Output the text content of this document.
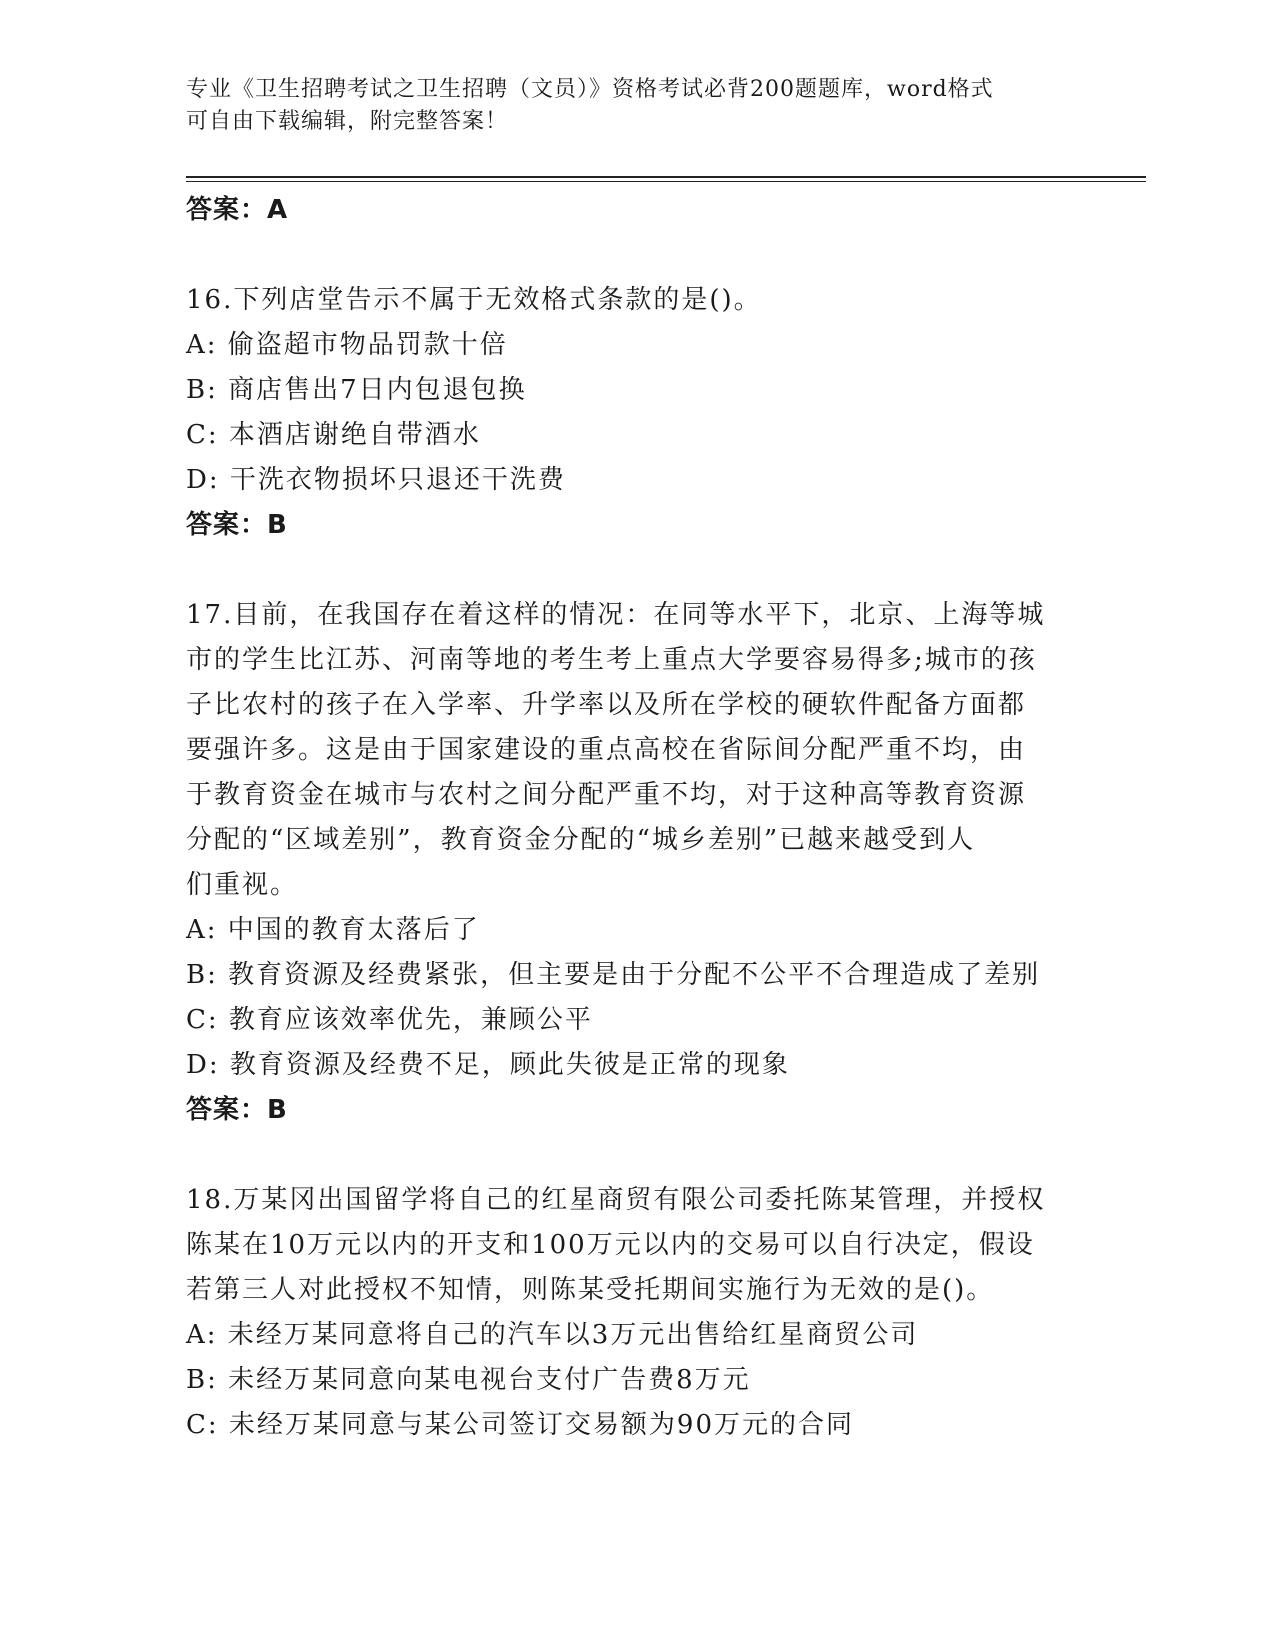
专业《卫生招聘考试之卫生招聘（文员）》资格考试必背200题题库，word格式
可自由下载编辑，附完整答案！
答案：A
16.下列店堂告示不属于无效格式条款的是()。
A: 偷盗超市物品罚款十倍
B: 商店售出7日内包退包换
C: 本酒店谢绝自带酒水
D: 干洗衣物损坏只退还干洗费
答案：B
17.目前，在我国存在着这样的情况：在同等水平下，北京、上海等城
市的学生比江苏、河南等地的考生考上重点大学要容易得多;城市的孩
子比农村的孩子在入学率、升学率以及所在学校的硬软件配备方面都
要强许多。这是由于国家建设的重点高校在省际间分配严重不均，由
于教育资金在城市与农村之间分配严重不均，对于这种高等教育资源
分配的“区域差别”，教育资金分配的“城乡差别”已越来越受到人
们重视。
A: 中国的教育太落后了
B: 教育资源及经费紧张，但主要是由于分配不公平不合理造成了差别
C: 教育应该效率优先，兼顾公平
D: 教育资源及经费不足，顾此失彼是正常的现象
答案：B
18.万某冈出国留学将自己的红星商贸有限公司委托陈某管理，并授权
陈某在10万元以内的开支和100万元以内的交易可以自行决定，假设
若第三人对此授权不知情，则陈某受托期间实施行为无效的是()。
A: 未经万某同意将自己的汽车以3万元出售给红星商贸公司
B: 未经万某同意向某电视台支付广告费8万元
C: 未经万某同意与某公司签订交易额为90万元的合同
